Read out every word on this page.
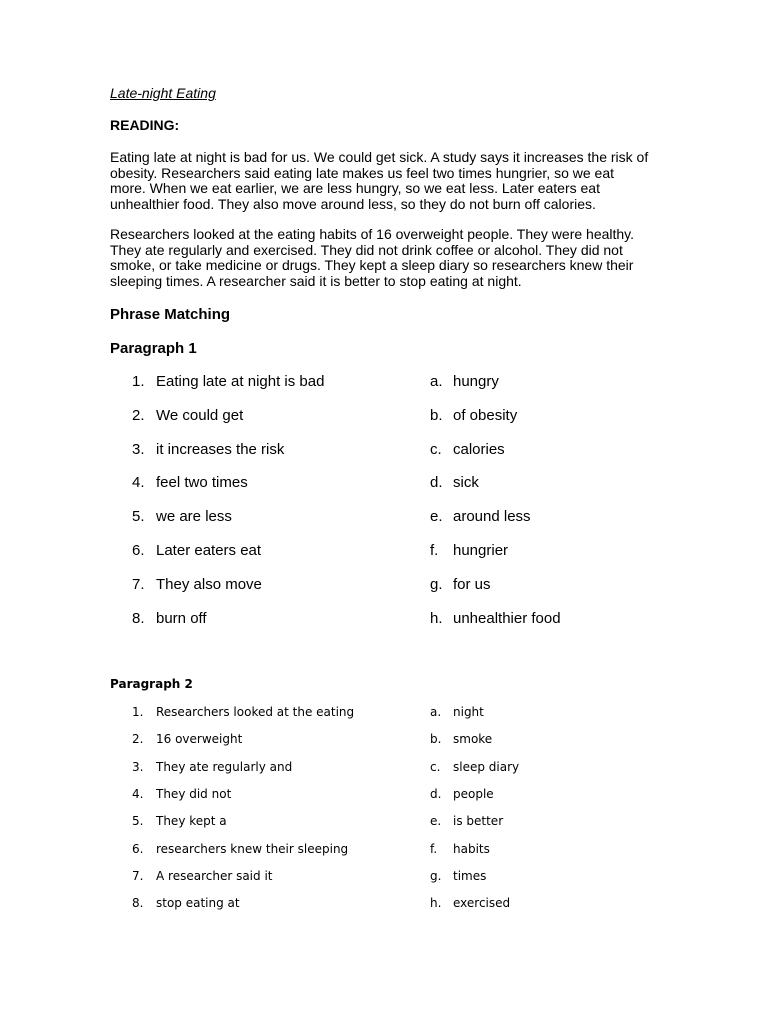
Late-night Eating
READING:
Eating late at night is bad for us. We could get sick. A study says it increases the risk of
obesity. Researchers said eating late makes us feel two times hungrier, so we eat
more. When we eat earlier, we are less hungry, so we eat less. Later eaters eat
unhealthier food. They also move around less, so they do not burn off calories.
Researchers looked at the eating habits of 16 overweight people. They were healthy.
They ate regularly and exercised. They did not drink coffee or alcohol. They did not
smoke, or take medicine or drugs. They kept a sleep diary so researchers knew their
sleeping times. A researcher said it is better to stop eating at night.
Phrase Matching
Paragraph 1
1. Eating late at night is bad	a. hungry
2. We could get	b. of obesity
3. it increases the risk	c. calories
4. feel two times	d. sick
5. we are less	e. around less
6. Later eaters eat	f. hungrier
7. They also move	g. for us
8. burn off	h. unhealthier food
Paragraph 2
1. Researchers looked at the eating	a. night
2. 16 overweight	b. smoke
3. They ate regularly and	c. sleep diary
4. They did not	d. people
5. They kept a	e. is better
6. researchers knew their sleeping	f. habits
7. A researcher said it	g. times
8. stop eating at	h. exercised
